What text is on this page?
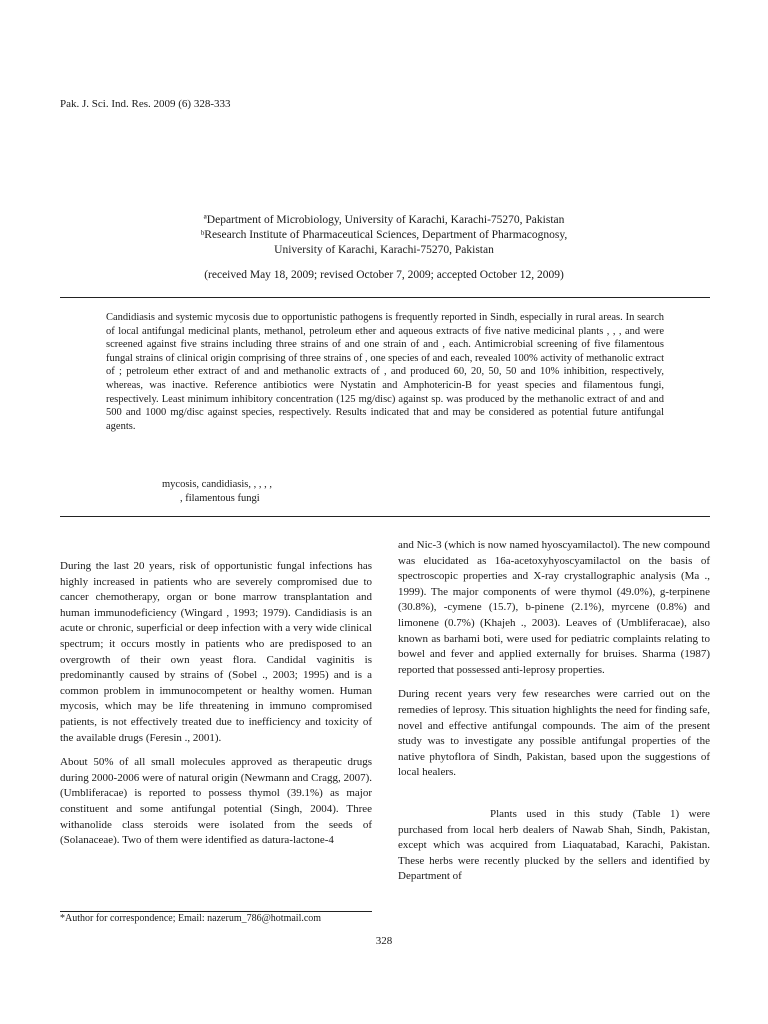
Pak. J. Sci. Ind. Res. 2009 (6) 328-333
ªDepartment of Microbiology, University of Karachi, Karachi-75270, Pakistan
ᵇResearch Institute of Pharmaceutical Sciences, Department of Pharmacognosy,
University of Karachi, Karachi-75270, Pakistan
(received May 18, 2009; revised October 7, 2009; accepted October 12, 2009)

Candidiasis and systemic mycosis due to opportunistic pathogens is frequently reported in Sindh, especially in rural areas. In search of local antifungal medicinal plants, methanol, petroleum ether and aqueous extracts of five native medicinal plants , , , and were screened against five strains including three strains of and one strain of and , each. Antimicrobial screening of five filamentous fungal strains of clinical origin comprising of three strains of , one species of and each, revealed 100% activity of methanolic extract of ; petroleum ether extract of and and methanolic extracts of , and produced 60, 20, 50, 50 and 10% inhibition, respectively, whereas, was inactive. Reference antibiotics were Nystatin and Amphotericin-B for yeast species and filamentous fungi, respectively. Least minimum inhibitory concentration (125 mg/disc) against sp. was produced by the methanolic extract of and and 500 and 1000 mg/disc against species, respectively. Results indicated that and may be considered as potential future antifungal agents.

mycosis, candidiasis, , , , ,
, filamentous fungi

During the last 20 years, risk of opportunistic fungal infections has highly increased in patients who are severely compromised due to cancer chemotherapy, organ or bone marrow transplantation and human immunodeficiency (Wingard , 1993; 1979). Candidiasis is an acute or chronic, superficial or deep infection with a very wide clinical spectrum; it occurs mostly in patients who are predisposed to an overgrowth of their own yeast flora. Candidal vaginitis is predominantly caused by strains of (Sobel ., 2003; 1995) and is a common problem in immunocompetent or healthy women. Human mycosis, which may be life threatening in immuno compromised patients, is not effectively treated due to inefficiency and toxicity of the available drugs (Feresin ., 2001).

About 50% of all small molecules approved as therapeutic drugs during 2000-2006 were of natural origin (Newmann and Cragg, 2007). (Umbliferacae) is reported to possess thymol (39.1%) as major constituent and some antifungal potential (Singh, 2004). Three withanolide class steroids were isolated from the seeds of (Solanaceae). Two of them were identified as datura-lactone-4

*Author for correspondence; Email: nazerum_786@hotmail.com

and Nic-3 (which is now named hyoscyamilactol). The new compound was elucidated as 16a-acetoxyhyoscyamilactol on the basis of spectroscopic properties and X-ray crystallographic analysis (Ma ., 1999). The major components of were thymol (49.0%), g-terpinene (30.8%), -cymene (15.7), b-pinene (2.1%), myrcene (0.8%) and limonene (0.7%) (Khajeh ., 2003). Leaves of (Umbliferacae), also known as barhami boti, were used for pediatric complaints relating to bowel and fever and applied externally for bruises. Sharma (1987) reported that possessed anti-leprosy properties.

During recent years very few researches were carried out on the remedies of leprosy. This situation highlights the need for finding safe, novel and effective antifungal compounds. The aim of the present study was to investigate any possible antifungal properties of the native phytoflora of Sindh, Pakistan, based upon the suggestions of local healers.

Plants used in this study (Table 1) were purchased from local herb dealers of Nawab Shah, Sindh, Pakistan, except which was acquired from Liaquatabad, Karachi, Pakistan. These herbs were recently plucked by the sellers and identified by Department of

328
